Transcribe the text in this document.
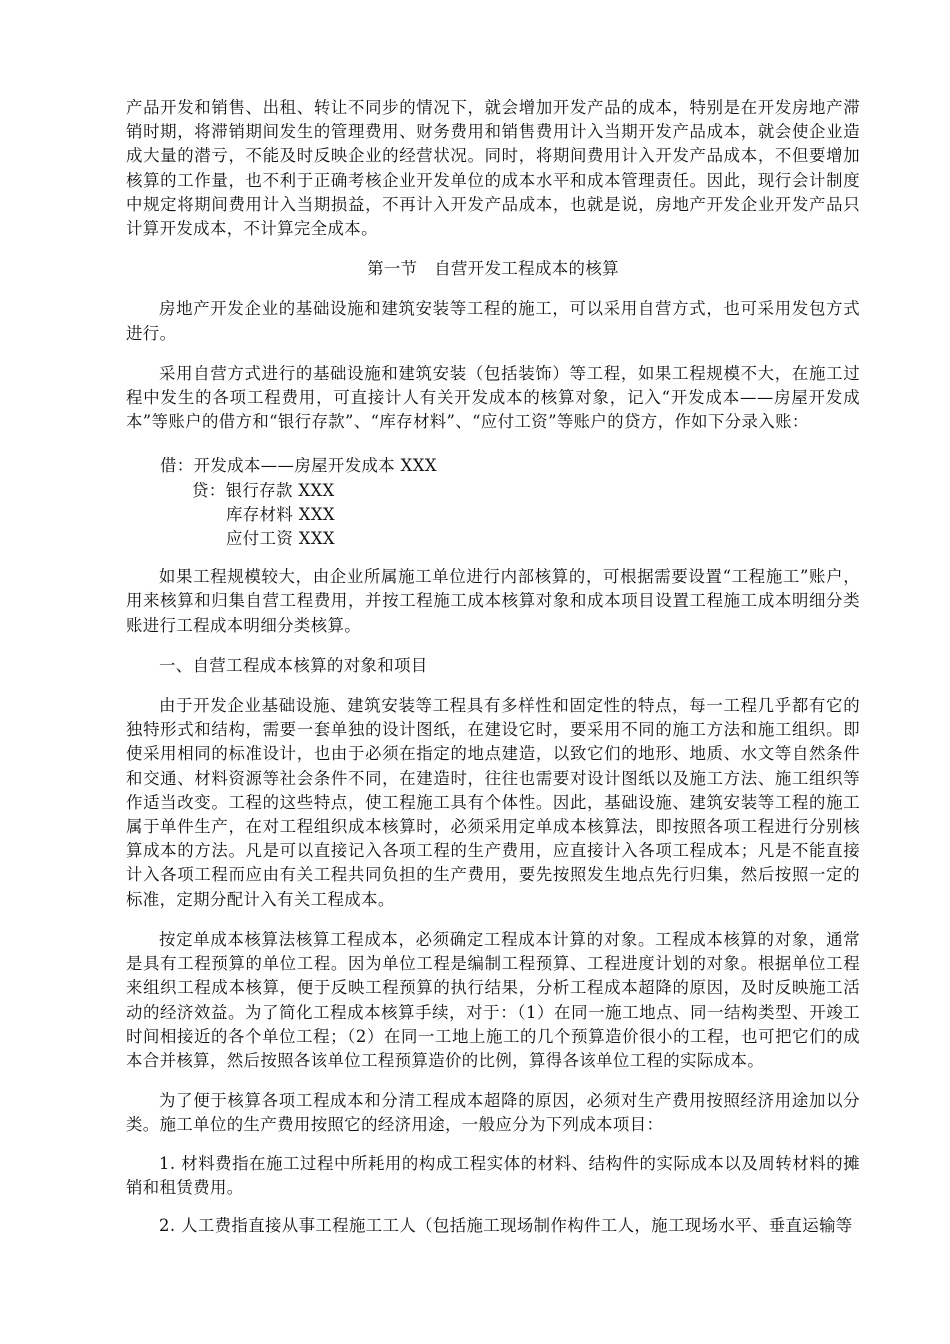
产品开发和销售、出租、转让不同步的情况下，就会增加开发产品的成本，特别是在开发房地产滞销时期，将滞销期间发生的管理费用、财务费用和销售费用计入当期开发产品成本，就会使企业造成大量的潜亏，不能及时反映企业的经营状况。同时，将期间费用计入开发产品成本，不但要增加核算的工作量，也不利于正确考核企业开发单位的成本水平和成本管理责任。因此，现行会计制度中规定将期间费用计入当期损益，不再计入开发产品成本，也就是说，房地产开发企业开发产品只计算开发成本，不计算完全成本。

第一节　自营开发工程成本的核算

房地产开发企业的基础设施和建筑安装等工程的施工，可以采用自营方式，也可采用发包方式进行。

采用自营方式进行的基础设施和建筑安装（包括装饰）等工程，如果工程规模不大，在施工过程中发生的各项工程费用，可直接计人有关开发成本的核算对象，记入“开发成本——房屋开发成本”等账户的借方和“银行存款”、“库存材料”、“应付工资”等账户的贷方，作如下分录入账：

借：开发成本——房屋开发成本 XXX
贷：银行存款 XXX
库存材料 XXX
应付工资 XXX

如果工程规模较大，由企业所属施工单位进行内部核算的，可根据需要设置“工程施工”账户，用来核算和归集自营工程费用，并按工程施工成本核算对象和成本项目设置工程施工成本明细分类账进行工程成本明细分类核算。

一、自营工程成本核算的对象和项目

由于开发企业基础设施、建筑安装等工程具有多样性和固定性的特点，每一工程几乎都有它的独特形式和结构，需要一套单独的设计图纸，在建设它时，要采用不同的施工方法和施工组织。即使采用相同的标准设计，也由于必须在指定的地点建造，以致它们的地形、地质、水文等自然条件和交通、材料资源等社会条件不同，在建造时，往往也需要对设计图纸以及施工方法、施工组织等作适当改变。工程的这些特点，使工程施工具有个体性。因此，基础设施、建筑安装等工程的施工属于单件生产，在对工程组织成本核算时，必须采用定单成本核算法，即按照各项工程进行分别核算成本的方法。凡是可以直接记入各项工程的生产费用，应直接计入各项工程成本；凡是不能直接计入各项工程而应由有关工程共同负担的生产费用，要先按照发生地点先行归集，然后按照一定的标准，定期分配计入有关工程成本。

按定单成本核算法核算工程成本，必须确定工程成本计算的对象。工程成本核算的对象，通常是具有工程预算的单位工程。因为单位工程是编制工程预算、工程进度计划的对象。根据单位工程来组织工程成本核算，便于反映工程预算的执行结果，分析工程成本超降的原因，及时反映施工活动的经济效益。为了简化工程成本核算手续，对于：（1）在同一施工地点、同一结构类型、开竣工时间相接近的各个单位工程；（2）在同一工地上施工的几个预算造价很小的工程，也可把它们的成本合并核算，然后按照各该单位工程预算造价的比例，算得各该单位工程的实际成本。

为了便于核算各项工程成本和分清工程成本超降的原因，必须对生产费用按照经济用途加以分类。施工单位的生产费用按照它的经济用途，一般应分为下列成本项目：

1. 材料费指在施工过程中所耗用的构成工程实体的材料、结构件的实际成本以及周转材料的摊销和租赁费用。

2. 人工费指直接从事工程施工工人（包括施工现场制作构件工人，施工现场水平、垂直运输等
